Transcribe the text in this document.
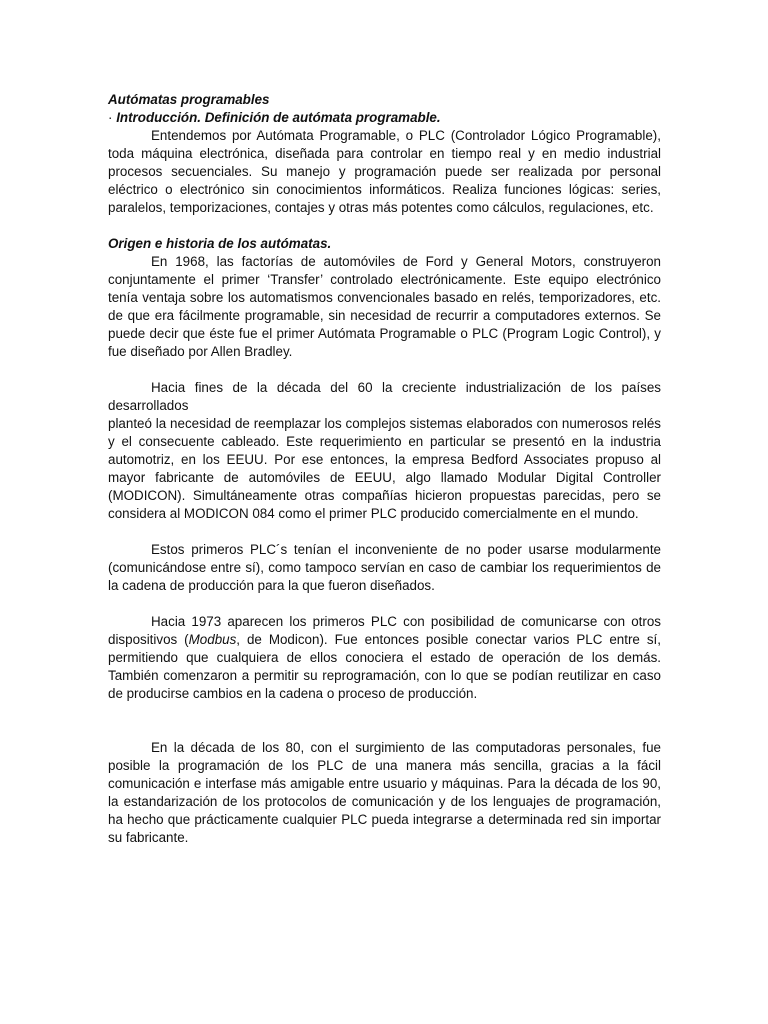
Autómatas programables

· Introducción. Definición de autómata programable.

Entendemos por Autómata Programable, o PLC (Controlador Lógico Programable), toda máquina electrónica, diseñada para controlar en tiempo real y en medio industrial procesos secuenciales. Su manejo y programación puede ser realizada por personal eléctrico o electrónico sin conocimientos informáticos. Realiza funciones lógicas: series, paralelos, temporizaciones, contajes y otras más potentes como cálculos, regulaciones, etc.

Origen e historia de los autómatas.

En 1968, las factorías de automóviles de Ford y General Motors, construyeron conjuntamente el primer ‘Transfer’ controlado electrónicamente. Este equipo electrónico tenía ventaja sobre los automatismos convencionales basado en relés, temporizadores, etc. de que era fácilmente programable, sin necesidad de recurrir a computadores externos. Se puede decir que éste fue el primer Autómata Programable o PLC (Program Logic Control), y fue diseñado por Allen Bradley.

Hacia fines de la década del 60 la creciente industrialización de los países desarrollados

planteó la necesidad de reemplazar los complejos sistemas elaborados con numerosos relés y el consecuente cableado. Este requerimiento en particular se presentó en la industria automotriz, en los EEUU. Por ese entonces, la empresa Bedford Associates propuso al mayor fabricante de automóviles de EEUU, algo llamado Modular Digital Controller (MODICON). Simultáneamente otras compañías hicieron propuestas parecidas, pero se considera al MODICON 084 como el primer PLC producido comercialmente en el mundo.

Estos primeros PLC´s tenían el inconveniente de no poder usarse modularmente (comunicándose entre sí), como tampoco servían en caso de cambiar los requerimientos de la cadena de producción para la que fueron diseñados.

Hacia 1973 aparecen los primeros PLC con posibilidad de comunicarse con otros dispositivos (Modbus, de Modicon). Fue entonces posible conectar varios PLC entre sí, permitiendo que cualquiera de ellos conociera el estado de operación de los demás. También comenzaron a permitir su reprogramación, con lo que se podían reutilizar en caso de producirse cambios en la cadena o proceso de producción.

En la década de los 80, con el surgimiento de las computadoras personales, fue posible la programación de los PLC de una manera más sencilla, gracias a la fácil comunicación e interfase más amigable entre usuario y máquinas. Para la década de los 90, la estandarización de los protocolos de comunicación y de los lenguajes de programación, ha hecho que prácticamente cualquier PLC pueda integrarse a determinada red sin importar su fabricante.
